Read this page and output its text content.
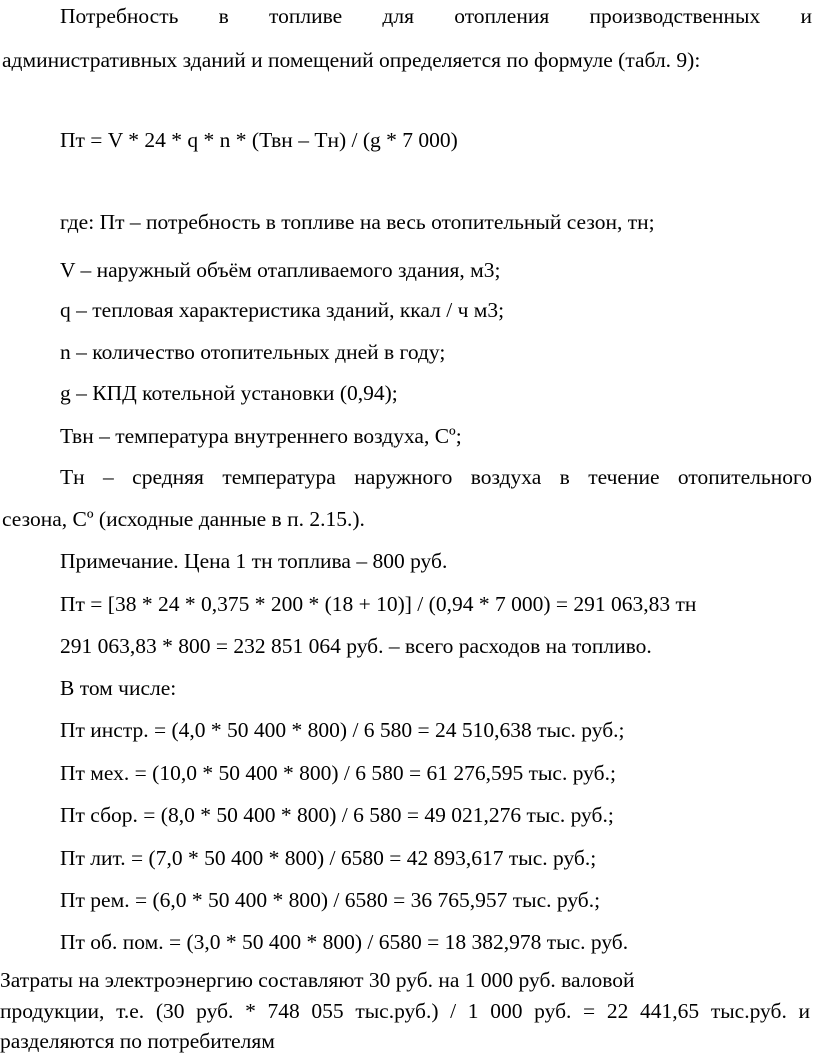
Потребность в топливе для отопления производственных и
административных зданий и помещений определяется по формуле (табл. 9):
Пт = V * 24 * q * n * (Твн – Тн) / (g * 7 000)
где: Пт – потребность в топливе на весь отопительный сезон, тн;
V – наружный объём отапливаемого здания, м3;
q – тепловая характеристика зданий, ккал / ч м3;
n – количество отопительных дней в году;
g – КПД котельной установки (0,94);
Твн – температура внутреннего воздуха, Сº;
Тн – средняя температура наружного воздуха в течение отопительного
сезона, Сº (исходные данные в п. 2.15.).
Примечание. Цена 1 тн топлива – 800 руб.
Пт = [38 * 24 * 0,375 * 200 * (18 + 10)] / (0,94 * 7 000) = 291 063,83 тн
291 063,83 * 800 = 232 851 064 руб. – всего расходов на топливо.
В том числе:
Пт инстр. = (4,0 * 50 400 * 800) / 6 580 = 24 510,638 тыс. руб.;
Пт мех. = (10,0 * 50 400 * 800) / 6 580 = 61 276,595 тыс. руб.;
Пт сбор. = (8,0 * 50 400 * 800) / 6 580 = 49 021,276 тыс. руб.;
Пт лит. = (7,0 * 50 400 * 800) / 6580 = 42 893,617 тыс. руб.;
Пт рем. = (6,0 * 50 400 * 800) / 6580 = 36 765,957 тыс. руб.;
Пт об. пом. = (3,0 * 50 400 * 800) / 6580 = 18 382,978 тыс. руб.
Затраты на электроэнергию составляют 30 руб. на 1 000 руб. валовой
продукции, т.е. (30 руб. * 748 055 тыс.руб.) / 1 000 руб. = 22 441,65 тыс.руб. и
разделяются по потребителям
